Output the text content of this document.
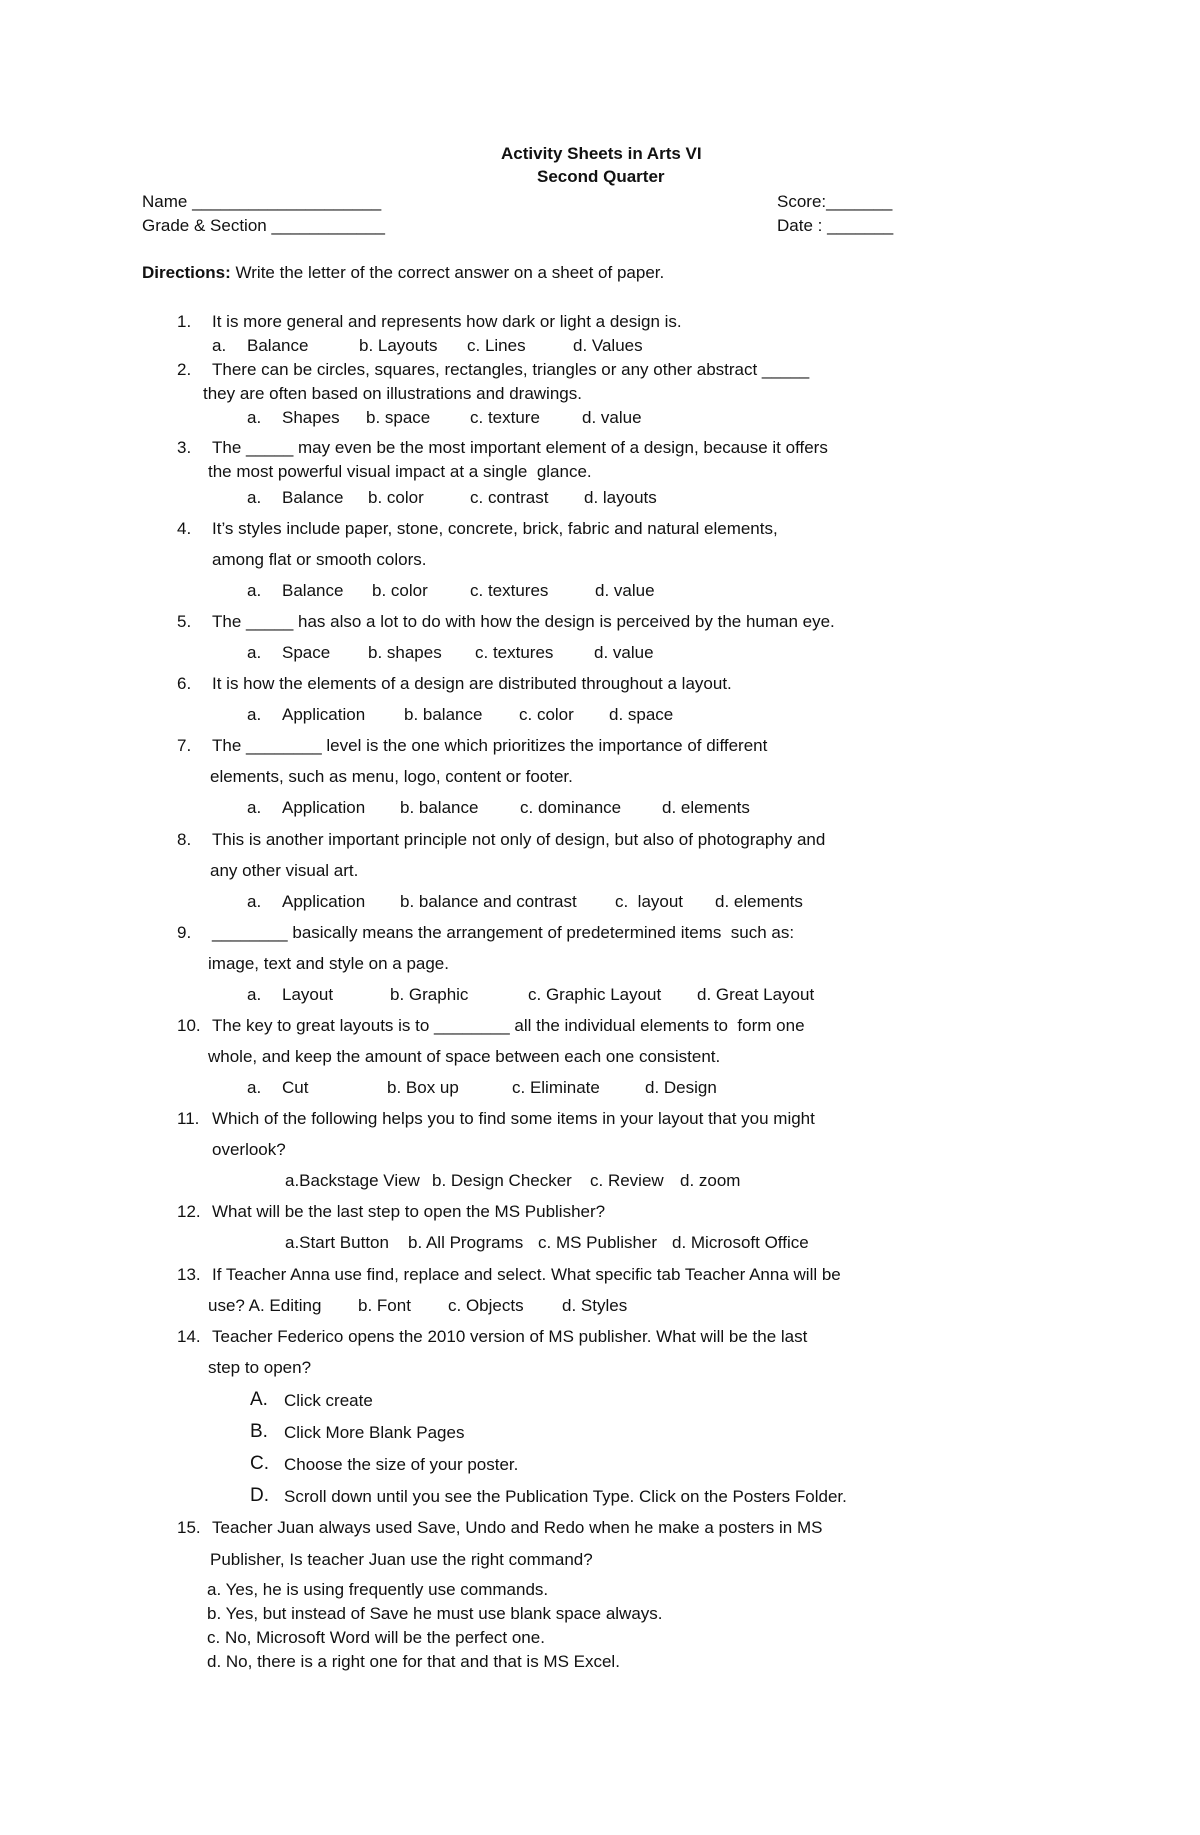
Activity Sheets in Arts VI
Second Quarter
Name ____________________	Score:_______
Grade & Section ____________	Date : _______
Directions: Write the letter of the correct answer on a sheet of paper.
1. It is more general and represents how dark or light a design is.
a. Balance	b. Layouts c. Lines	d. Values
2. There can be circles, squares, rectangles, triangles or any other abstract _____
they are often based on illustrations and drawings.
a. Shapes b. space c. texture d. value
3. The _____ may even be the most important element of a design, because it offers
the most powerful visual impact at a single  glance.
a. Balance b. color	c. contrast d. layouts
4. It’s styles include paper, stone, concrete, brick, fabric and natural elements,
among flat or smooth colors.
a. Balance b. color c. textures	d. value
5. The _____ has also a lot to do with how the design is perceived by the human eye.
a. Space b. shapes c. textures d. value
6. It is how the elements of a design are distributed throughout a layout.
a. Application b. balance c. color d. space
7. The ________ level is the one which prioritizes the importance of different
elements, such as menu, logo, content or footer.
a. Application b. balance c. dominance d. elements
8. This is another important principle not only of design, but also of photography and
any other visual art.
a. Application b. balance and contrast c.  layout d. elements
9. ________ basically means the arrangement of predetermined items  such as:
image, text and style on a page.
a. Layout	b. Graphic	c. Graphic Layout d. Great Layout
10. The key to great layouts is to ________ all the individual elements to  form one
whole, and keep the amount of space between each one consistent.
a. Cut	b. Box up	c. Eliminate	d. Design
11. Which of the following helps you to find some items in your layout that you might
overlook?
a.Backstage View b. Design Checker c. Review d. zoom
12. What will be the last step to open the MS Publisher?
a.Start Button b. All Programs c. MS Publisher d. Microsoft Office
13. If Teacher Anna use find, replace and select. What specific tab Teacher Anna will be
use? A. Editing b. Font c. Objects d. Styles
14. Teacher Federico opens the 2010 version of MS publisher. What will be the last
step to open?
A. Click create
B. Click More Blank Pages
C. Choose the size of your poster.
D. Scroll down until you see the Publication Type. Click on the Posters Folder.
15. Teacher Juan always used Save, Undo and Redo when he make a posters in MS
Publisher, Is teacher Juan use the right command?
a. Yes, he is using frequently use commands.
b. Yes, but instead of Save he must use blank space always.
c. No, Microsoft Word will be the perfect one.
d. No, there is a right one for that and that is MS Excel.
